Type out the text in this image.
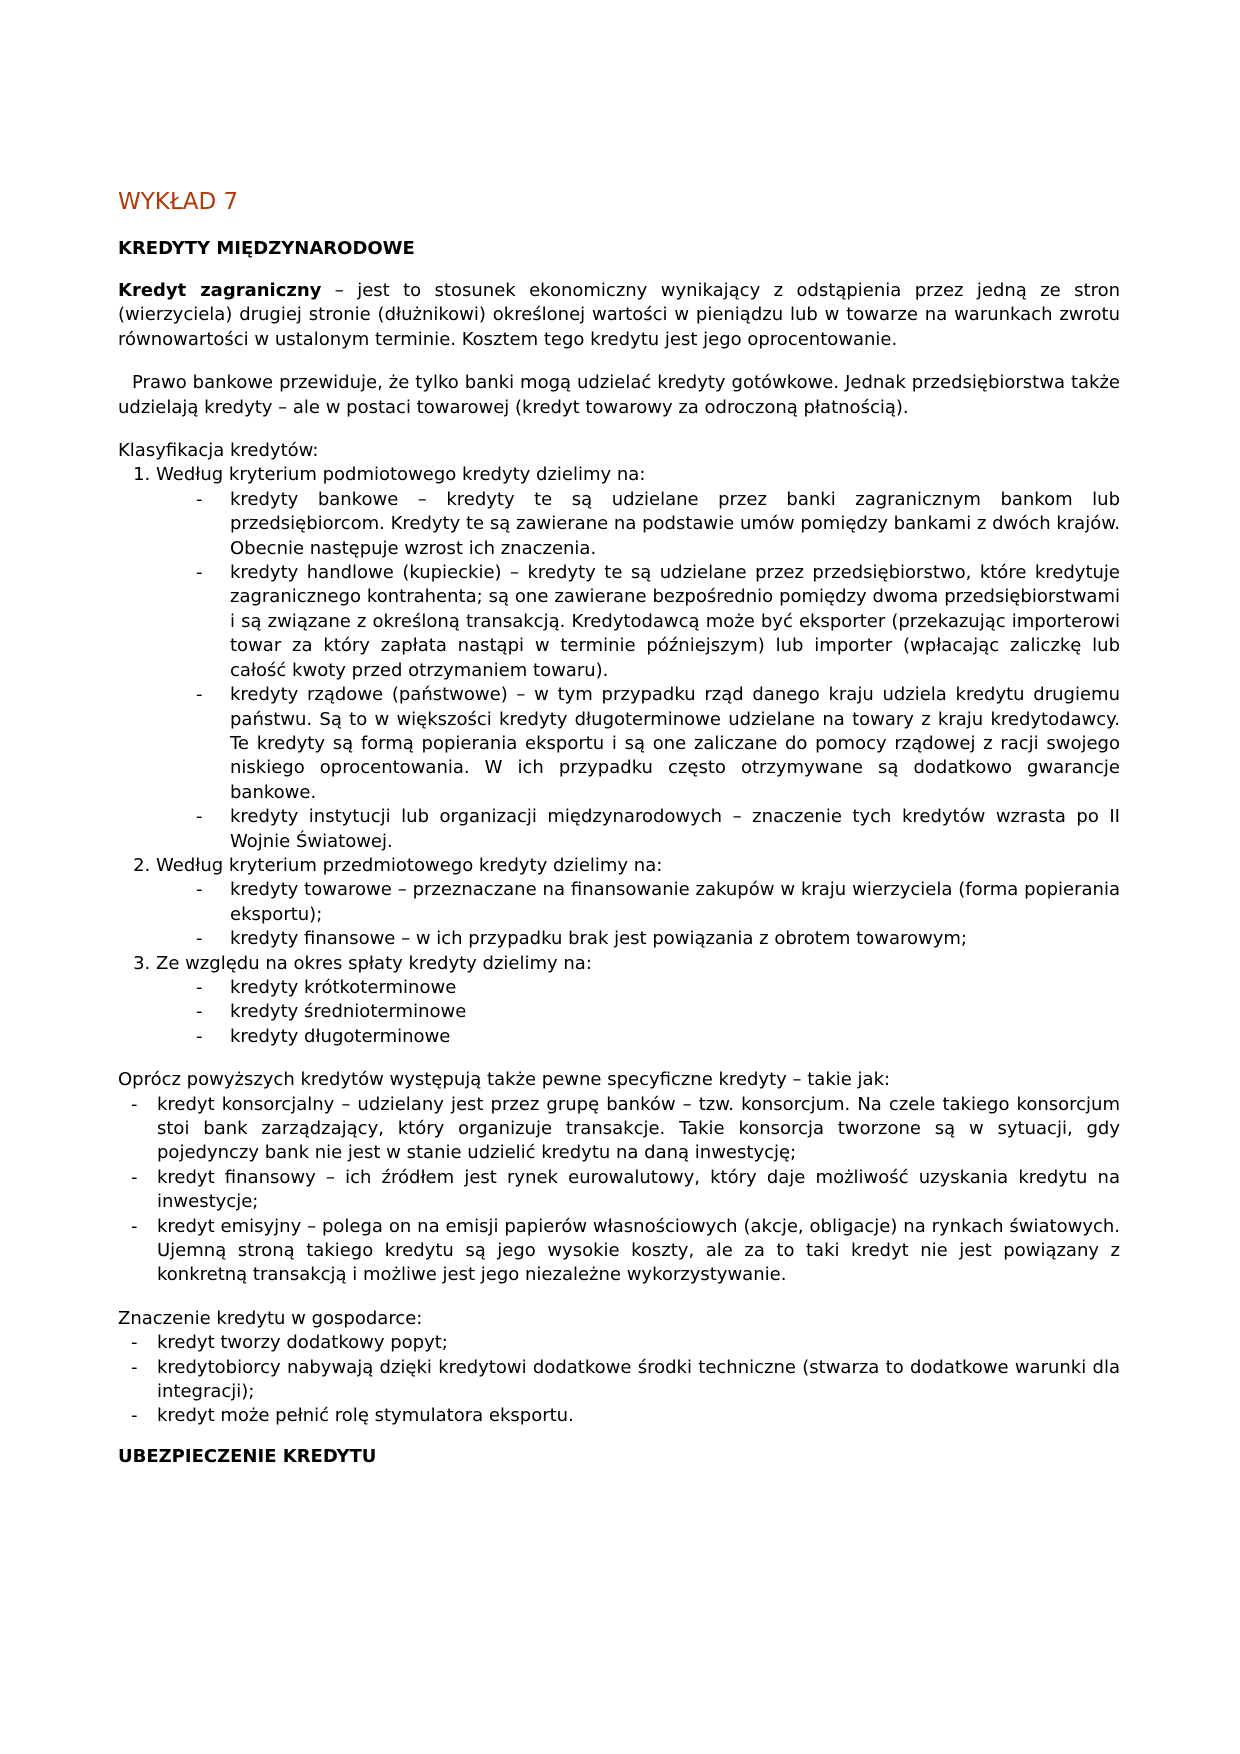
WYKŁAD 7
KREDYTY MIĘDZYNARODOWE

Kredyt zagraniczny – jest to stosunek ekonomiczny wynikający z odstąpienia przez jedną ze stron (wierzyciela) drugiej stronie (dłużnikowi) określonej wartości w pieniądzu lub w towarze na warunkach zwrotu równowartości w ustalonym terminie. Kosztem tego kredytu jest jego oprocentowanie.

Prawo bankowe przewiduje, że tylko banki mogą udzielać kredyty gotówkowe. Jednak przedsiębiorstwa także udzielają kredyty – ale w postaci towarowej (kredyt towarowy za odroczoną płatnością).

Klasyfikacja kredytów:
1. Według kryterium podmiotowego kredyty dzielimy na:
- kredyty bankowe – kredyty te są udzielane przez banki zagranicznym bankom lub przedsiębiorcom. Kredyty te są zawierane na podstawie umów pomiędzy bankami z dwóch krajów. Obecnie następuje wzrost ich znaczenia.
- kredyty handlowe (kupieckie) – kredyty te są udzielane przez przedsiębiorstwo, które kredytuje zagranicznego kontrahenta; są one zawierane bezpośrednio pomiędzy dwoma przedsiębiorstwami i są związane z określoną transakcją. Kredytodawcą może być eksporter (przekazując importerowi towar za który zapłata nastąpi w terminie późniejszym) lub importer (wpłacając zaliczkę lub całość kwoty przed otrzymaniem towaru).
- kredyty rządowe (państwowe) – w tym przypadku rząd danego kraju udziela kredytu drugiemu państwu. Są to w większości kredyty długoterminowe udzielane na towary z kraju kredytodawcy. Te kredyty są formą popierania eksportu i są one zaliczane do pomocy rządowej z racji swojego niskiego oprocentowania. W ich przypadku często otrzymywane są dodatkowo gwarancje bankowe.
- kredyty instytucji lub organizacji międzynarodowych – znaczenie tych kredytów wzrasta po II Wojnie Światowej.
2. Według kryterium przedmiotowego kredyty dzielimy na:
- kredyty towarowe – przeznaczane na finansowanie zakupów w kraju wierzyciela (forma popierania eksportu);
- kredyty finansowe – w ich przypadku brak jest powiązania z obrotem towarowym;
3. Ze względu na okres spłaty kredyty dzielimy na:
- kredyty krótkoterminowe
- kredyty średnioterminowe
- kredyty długoterminowe
Oprócz powyższych kredytów występują także pewne specyficzne kredyty – takie jak:
- kredyt konsorcjalny – udzielany jest przez grupę banków – tzw. konsorcjum. Na czele takiego konsorcjum stoi bank zarządzający, który organizuje transakcje. Takie konsorcja tworzone są w sytuacji, gdy pojedynczy bank nie jest w stanie udzielić kredytu na daną inwestycję;
- kredyt finansowy – ich źródłem jest rynek eurowalutowy, który daje możliwość uzyskania kredytu na inwestycje;
- kredyt emisyjny – polega on na emisji papierów własnościowych (akcje, obligacje) na rynkach światowych. Ujemną stroną takiego kredytu są jego wysokie koszty, ale za to taki kredyt nie jest powiązany z konkretną transakcją i możliwe jest jego niezależne wykorzystywanie.
Znaczenie kredytu w gospodarce:
- kredyt tworzy dodatkowy popyt;
- kredytobiorcy nabywają dzięki kredytowi dodatkowe środki techniczne (stwarza to dodatkowe warunki dla integracji);
- kredyt może pełnić rolę stymulatora eksportu.
UBEZPIECZENIE KREDYTU
